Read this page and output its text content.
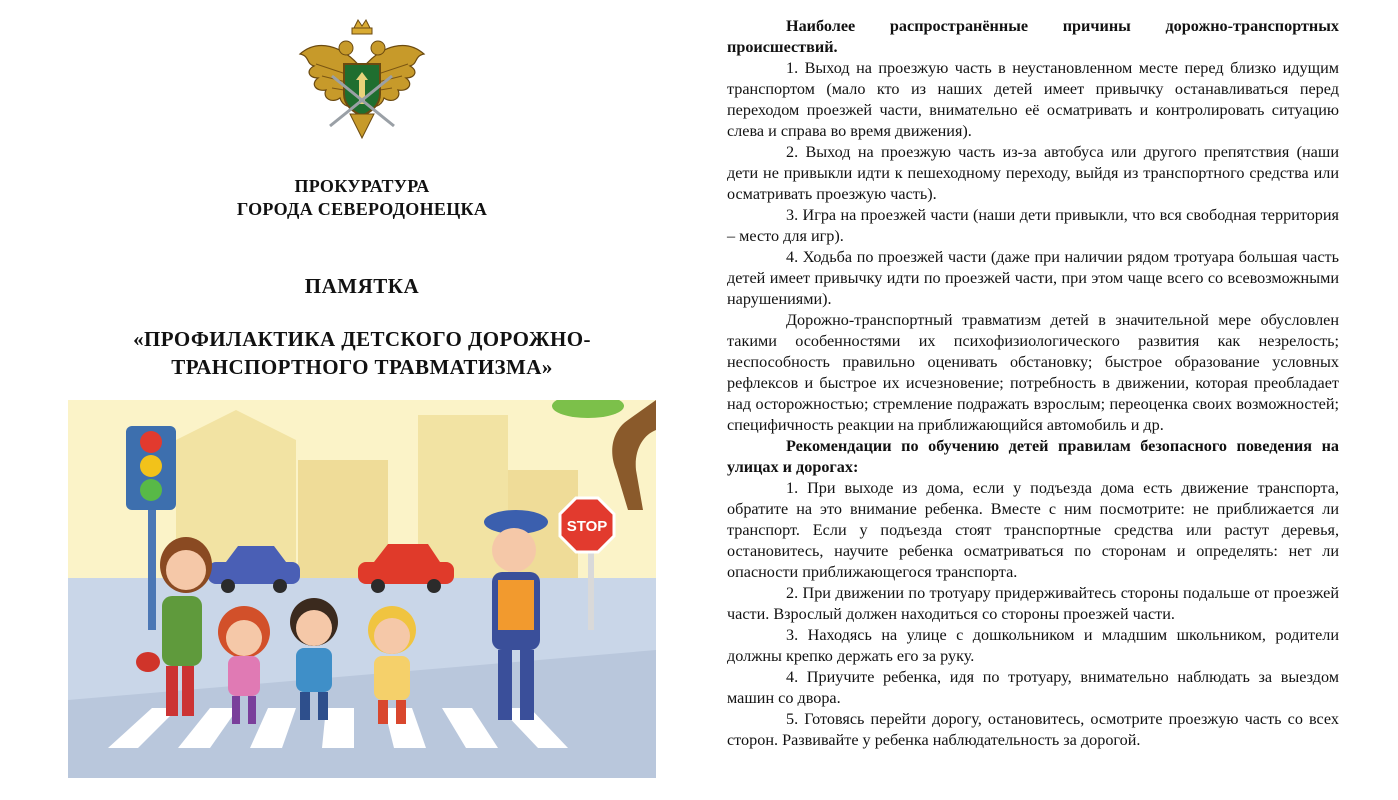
ПРОКУРАТУРА
ГОРОДА СЕВЕРОДОНЕЦКА
ПАМЯТКА
«ПРОФИЛАКТИКА ДЕТСКОГО ДОРОЖНО-
ТРАНСПОРТНОГО ТРАВМАТИЗМА»
STOP

Наиболее распространённые причины дорожно-транспортных происшествий.

1. Выход на проезжую часть в неустановленном месте перед близко идущим транспортом (мало кто из наших детей имеет привычку останавливаться перед переходом проезжей части, внимательно её осматривать и контролировать ситуацию слева и справа во время движения).

2. Выход на проезжую часть из-за автобуса или другого препятствия (наши дети не привыкли идти к пешеходному переходу, выйдя из транспортного средства или осматривать проезжую часть).

3. Игра на проезжей части (наши дети привыкли, что вся свободная территория – место для игр).

4. Ходьба по проезжей части (даже при наличии рядом тротуара большая часть детей имеет привычку идти по проезжей части, при этом чаще всего со всевозможными нарушениями).

Дорожно-транспортный травматизм детей в значительной мере обусловлен такими особенностями их психофизиологического развития как незрелость; неспособность правильно оценивать обстановку; быстрое образование условных рефлексов и быстрое их исчезновение; потребность в движении, которая преобладает над осторожностью; стремление подражать взрослым; переоценка своих возможностей; специфичность реакции на приближающийся автомобиль и др.

Рекомендации по обучению детей правилам безопасного поведения на улицах и дорогах:

1. При выходе из дома, если у подъезда дома есть движение транспорта, обратите на это внимание ребенка. Вместе с ним посмотрите: не приближается ли транспорт. Если у подъезда стоят транспортные средства или растут деревья, остановитесь, научите ребенка осматриваться по сторонам и определять: нет ли опасности приближающегося транспорта.

2. При движении по тротуару придерживайтесь стороны подальше от проезжей части. Взрослый должен находиться со стороны проезжей части.

3. Находясь на улице с дошкольником и младшим школьником, родители должны крепко держать его за руку.

4. Приучите ребенка, идя по тротуару, внимательно наблюдать за выездом машин со двора.

5. Готовясь перейти дорогу, остановитесь, осмотрите проезжую часть со всех сторон. Развивайте у ребенка наблюдательность за дорогой.
